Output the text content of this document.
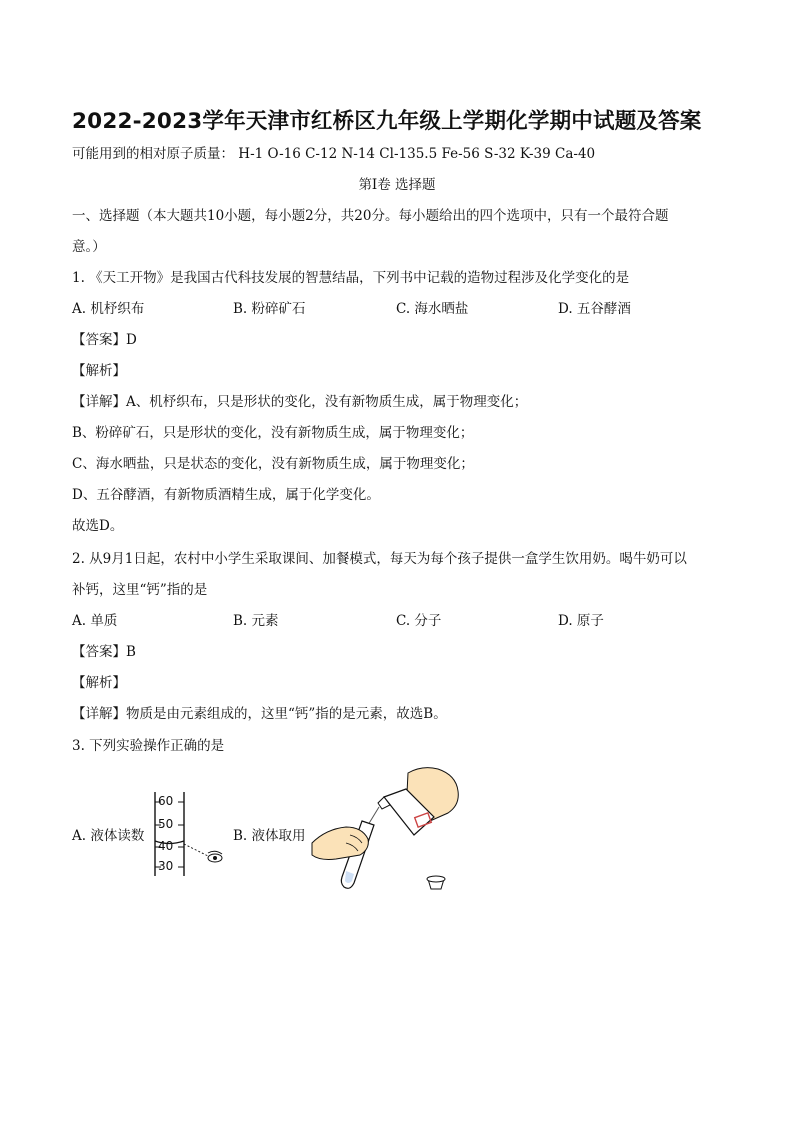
2022-2023学年天津市红桥区九年级上学期化学期中试题及答案
可能用到的相对原子质量： H-1 O-16 C-12 N-14 Cl-135.5 Fe-56 S-32 K-39 Ca-40
第I卷 选择题
一、选择题（本大题共10小题，每小题2分，共20分。每小题给出的四个选项中，只有一个最符合题
意。）
1. 《天工开物》是我国古代科技发展的智慧结晶，下列书中记载的造物过程涉及化学变化的是
A. 机杼织布	B. 粉碎矿石	C. 海水晒盐	D. 五谷酵酒
【答案】D
【解析】
【详解】A、机杼织布，只是形状的变化，没有新物质生成，属于物理变化；
B、粉碎矿石，只是形状的变化，没有新物质生成，属于物理变化；
C、海水晒盐，只是状态的变化，没有新物质生成，属于物理变化；
D、五谷酵酒，有新物质酒精生成，属于化学变化。
故选D。
2. 从9月1日起，农村中小学生采取课间、加餐模式，每天为每个孩子提供一盒学生饮用奶。喝牛奶可以
补钙，这里“钙”指的是
A. 单质	B. 元素	C. 分子	D. 原子
【答案】B
【解析】
【详解】物质是由元素组成的，这里“钙”指的是元素，故选B。
3. 下列实验操作正确的是
A. 液体读数
60
50
40
30
B. 液体取用
